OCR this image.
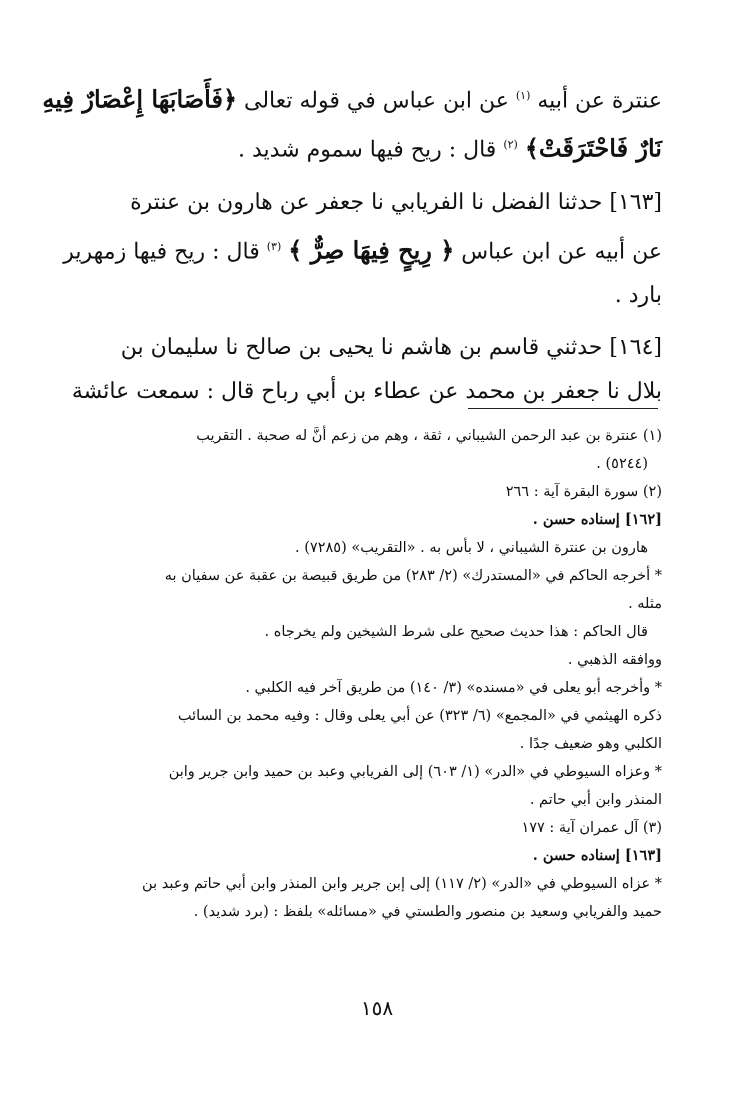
عنترة عن أبيه $^{(١)}$ عن ابن عباس في قوله تعالى ﴿فَأَصَابَهَا إِعْصَارٌ فِيهِ
نَارٌ فَاحْتَرَقَتْ﴾ $^{(٢)}$ قال : ريح فيها سموم شديد .
[١٦٣] حدثنا الفضل نا الفريابي نا جعفر عن هارون بن عنترة
عن أبيه عن ابن عباس ﴿ رِيحٍ فِيهَا صِرٌّ ﴾ $^{(٣)}$ قال : ريح فيها زمهرير
بارد .
[١٦٤] حدثني قاسم بن هاشم نا يحيى بن صالح نا سليمان بن
بلال نا جعفر بن محمد عن عطاء بن أبي رباح قال : سمعت عائشة
(١) عنترة بن عبد الرحمن الشيباني ، ثقة ، وهم من زعم أنَّ له صحبة . التقريب
(٥٢٤٤) .
(٢) سورة البقرة آية : ٢٦٦
[١٦٢] إسناده حسن .
هارون بن عنترة الشيباني ، لا بأس به . «التقريب» (٧٢٨٥) .
* أخرجه الحاكم في «المستدرك» (٢/ ٢٨٣) من طريق قبيصة بن عقبة عن سفيان به
مثله .
قال الحاكم : هذا حديث صحيح على شرط الشيخين ولم يخرجاه .
ووافقه الذهبي .
* وأخرجه أبو يعلى في «مسنده» (٣/ ١٤٠) من طريق آخر فيه الكلبي .
ذكره الهيثمي في «المجمع» (٦/ ٣٢٣) عن أبي يعلى وقال : وفيه محمد بن السائب
الكلبي وهو ضعيف جدًا .
* وعزاه السيوطي في «الدر» (١/ ٦٠٣) إلى الفريابي وعبد بن حميد وابن جرير وابن
المنذر وابن أبي حاتم .
(٣) آل عمران آية : ١٧٧
[١٦٣] إسناده حسن .
* عزاه السيوطي في «الدر» (٢/ ١١٧) إلى إبن جرير وابن المنذر وابن أبي حاتم وعبد بن
حميد والفريابي وسعيد بن منصور والطستي في «مسائله» بلفظ : (برد شديد) .
١٥٨
